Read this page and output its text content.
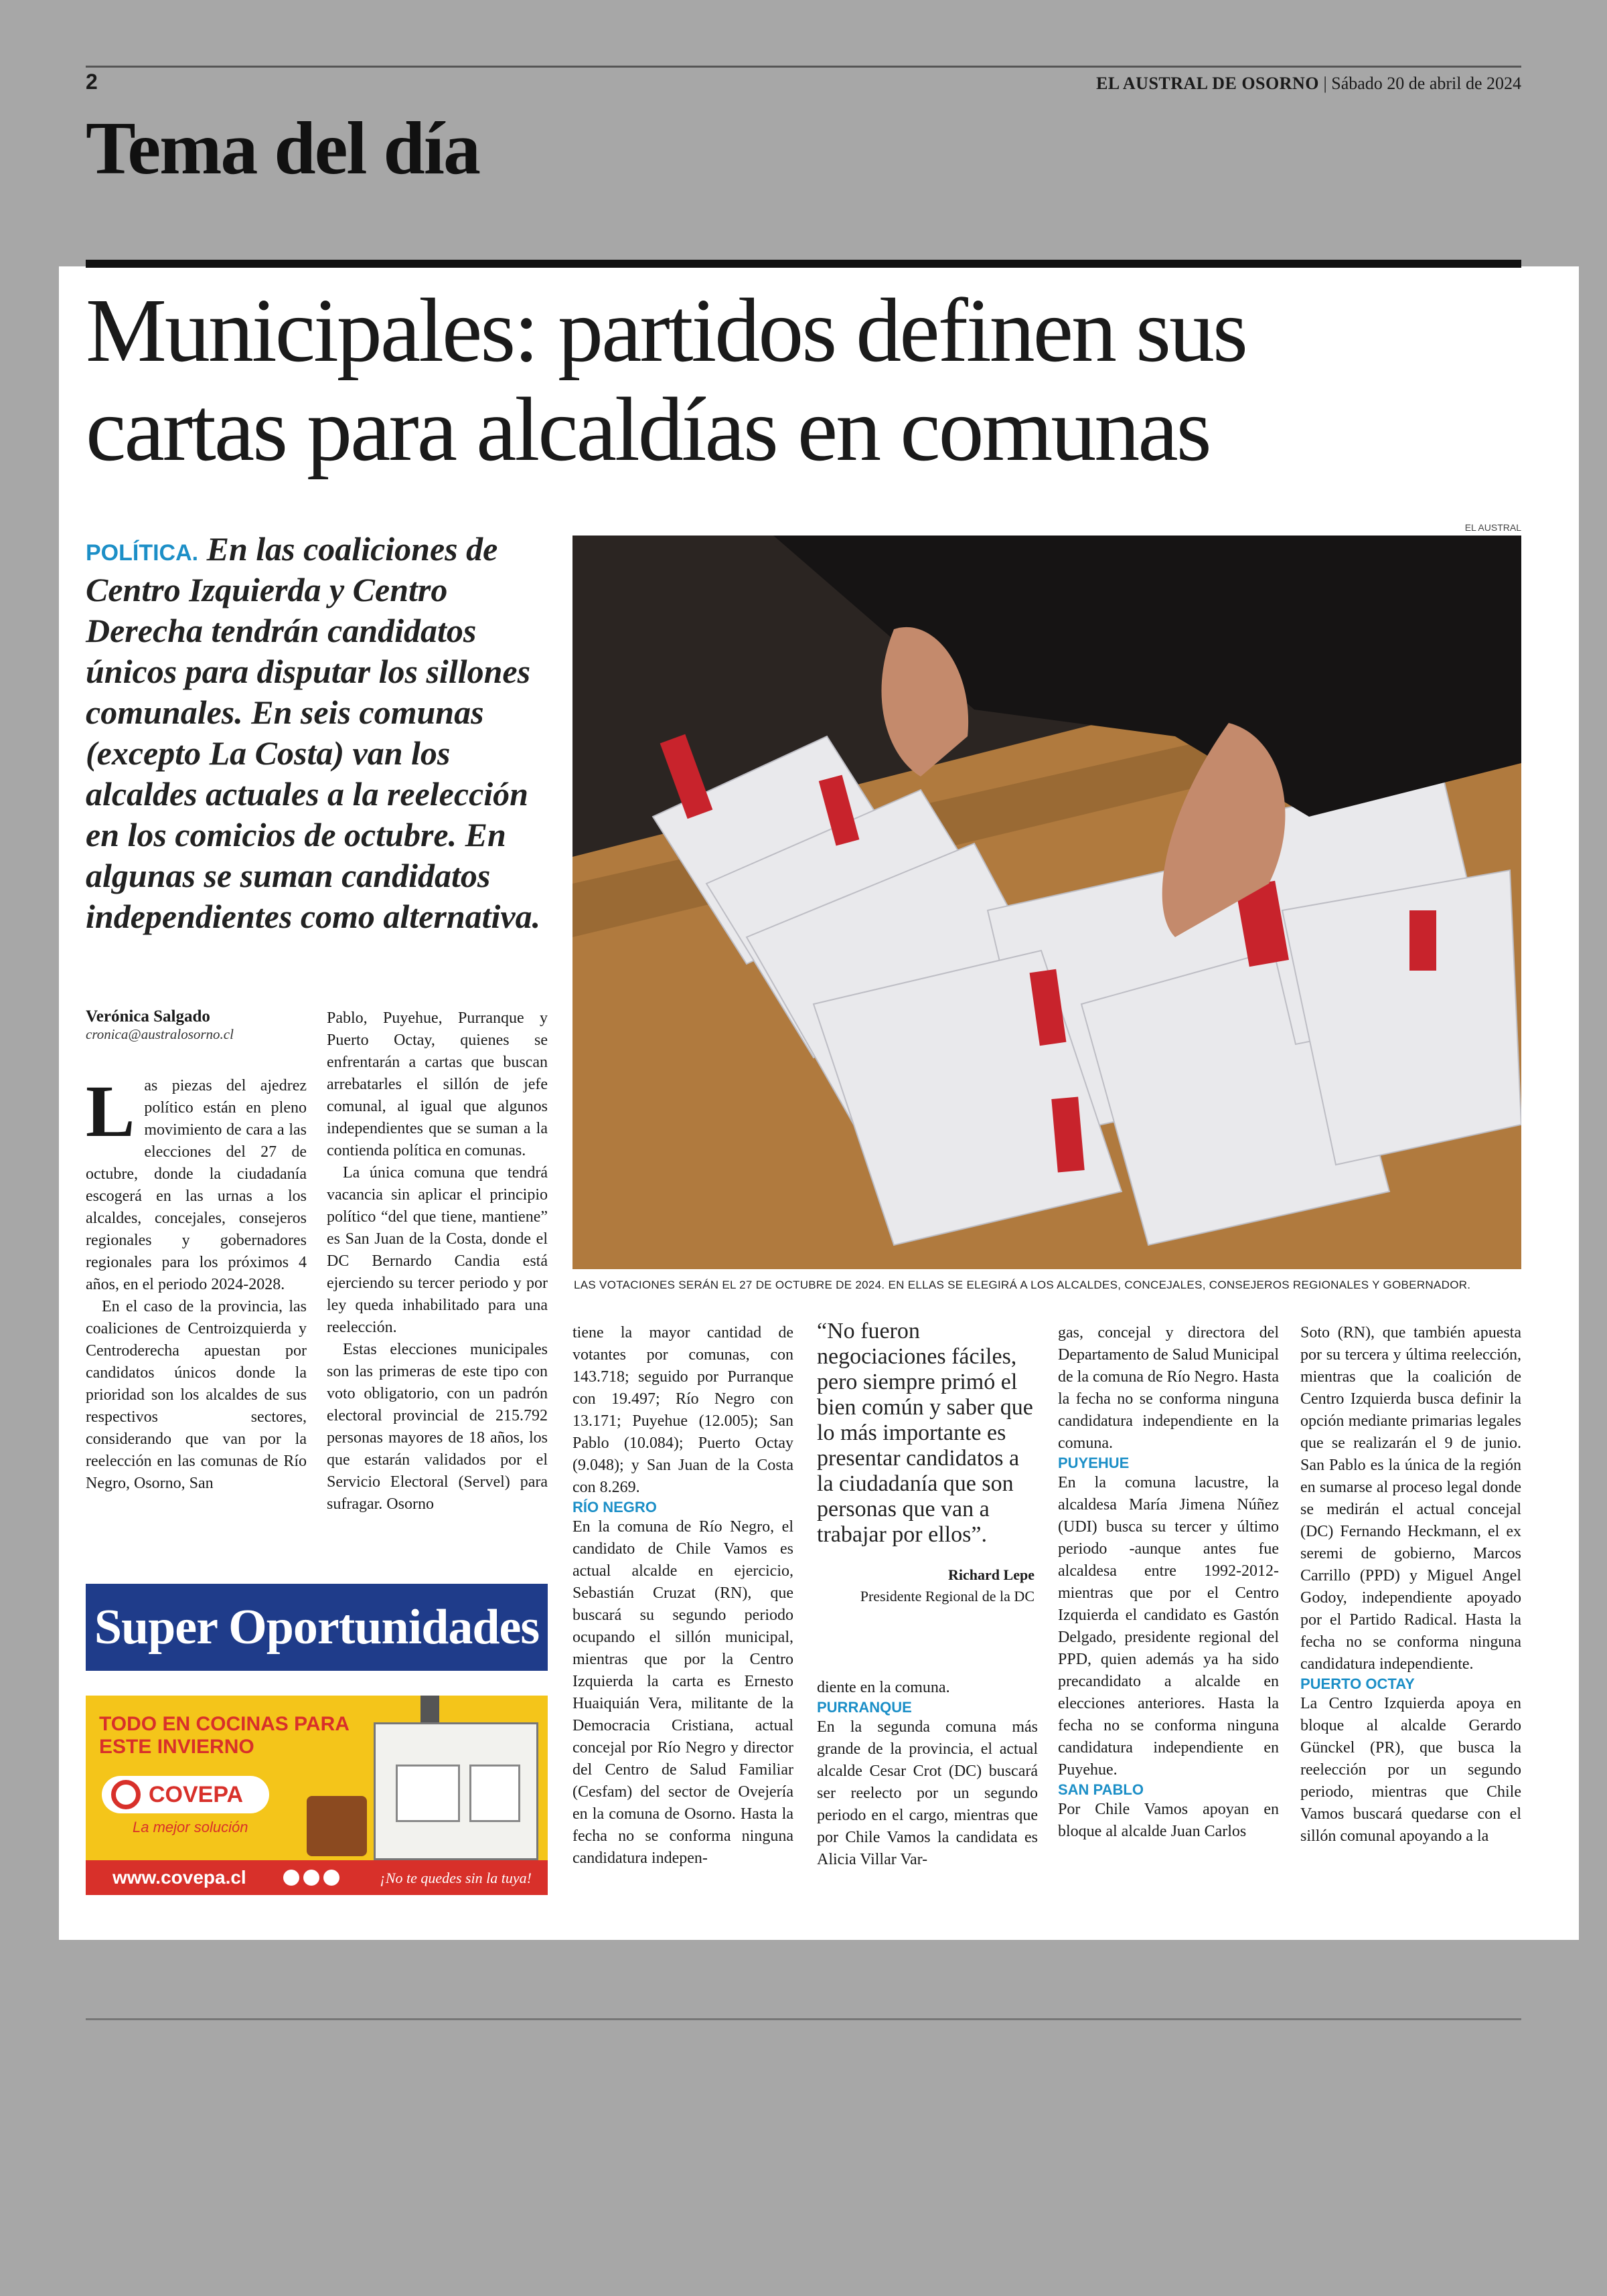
2	EL AUSTRAL DE OSORNO | Sábado 20 de abril de 2024
Tema del día
Municipales: partidos definen sus
cartas para alcaldías en comunas
POLÍTICA. En las coaliciones de Centro Izquierda y Centro Derecha tendrán candidatos únicos para disputar los sillones comunales. En seis comunas (excepto La Costa) van los alcaldes actuales a la reelección en los comicios de octubre. En algunas se suman candidatos independientes como alternativa.
EL AUSTRAL
LAS VOTACIONES SERÁN EL 27 DE OCTUBRE DE 2024. EN ELLAS SE ELEGIRÁ A LOS ALCALDES, CONCEJALES, CONSEJEROS REGIONALES Y GOBERNADOR.

Verónica Salgado

cronica@australosorno.cl

Las piezas del ajedrez político están en pleno movimiento de cara a las elecciones del 27 de octubre, donde la ciudadanía escogerá en las urnas a los alcaldes, concejales, consejeros regionales y gobernadores regionales para los próximos 4 años, en el periodo 2024-2028.

En el caso de la provincia, las coaliciones de Centroizquierda y Centroderecha apuestan por candidatos únicos donde la prioridad son los alcaldes de sus respectivos sectores, considerando que van por la reelección en las comunas de Río Negro, Osorno, San

Pablo, Puyehue, Purranque y Puerto Octay, quienes se enfrentarán a cartas que buscan arrebatarles el sillón de jefe comunal, al igual que algunos independientes que se suman a la contienda política en comunas.

La única comuna que tendrá vacancia sin aplicar el principio político “del que tiene, mantiene” es San Juan de la Costa, donde el DC Bernardo Candia está ejerciendo su tercer periodo y por ley queda inhabilitado para una reelección.

Estas elecciones municipales son las primeras de este tipo con voto obligatorio, con un padrón electoral provincial de 215.792 personas mayores de 18 años, los que estarán validados por el Servicio Electoral (Servel) para sufragar. Osorno

tiene la mayor cantidad de votantes por comunas, con 143.718; seguido por Purranque con 19.497; Río Negro con 13.171; Puyehue (12.005); San Pablo (10.084); Puerto Octay (9.048); y San Juan de la Costa con 8.269.

RÍO NEGRO

En la comuna de Río Negro, el candidato de Chile Vamos es actual alcalde en ejercicio, Sebastián Cruzat (RN), que buscará su segundo periodo ocupando el sillón municipal, mientras que por la Centro Izquierda la carta es Ernesto Huaiquián Vera, militante de la Democracia Cristiana, actual concejal por Río Negro y director del Centro de Salud Familiar (Cesfam) del sector de Ovejería en la comuna de Osorno. Hasta la fecha no se conforma ninguna candidatura indepen-

“No fueron negociaciones fáciles, pero siempre primó el bien común y saber que lo más importante es presentar candidatos a la ciudadanía que son personas que van a trabajar por ellos”.
Richard Lepe
Presidente Regional de la DC

diente en la comuna.

PURRANQUE

En la segunda comuna más grande de la provincia, el actual alcalde Cesar Crot (DC) buscará ser reelecto por un segundo periodo en el cargo, mientras que por Chile Vamos la candidata es Alicia Villar Var-

gas, concejal y directora del Departamento de Salud Municipal de la comuna de Río Negro. Hasta la fecha no se conforma ninguna candidatura independiente en la comuna.

PUYEHUE

En la comuna lacustre, la alcaldesa María Jimena Núñez (UDI) busca su tercer y último periodo -aunque antes fue alcaldesa entre 1992-2012- mientras que por el Centro Izquierda el candidato es Gastón Delgado, presidente regional del PPD, quien además ya ha sido precandidato a alcalde en elecciones anteriores. Hasta la fecha no se conforma ninguna candidatura independiente en Puyehue.

SAN PABLO

Por Chile Vamos apoyan en bloque al alcalde Juan Carlos

Soto (RN), que también apuesta por su tercera y última reelección, mientras que la coalición de Centro Izquierda busca definir la opción mediante primarias legales que se realizarán el 9 de junio. San Pablo es la única de la región en sumarse al proceso legal donde se medirán el actual concejal (DC) Fernando Heckmann, el ex seremi de gobierno, Marcos Carrillo (PPD) y Miguel Angel Godoy, independiente apoyado por el Partido Radical. Hasta la fecha no se conforma ninguna candidatura independiente.

PUERTO OCTAY

La Centro Izquierda apoya en bloque al alcalde Gerardo Günckel (PR), que busca la reelección por un segundo periodo, mientras que Chile Vamos buscará quedarse con el sillón comunal apoyando a la

Super Oportunidades
TODO EN COCINAS PARA ESTE INVIERNO
COVEPA
La mejor solución
www.covepa.cl	¡No te quedes sin la tuya!
